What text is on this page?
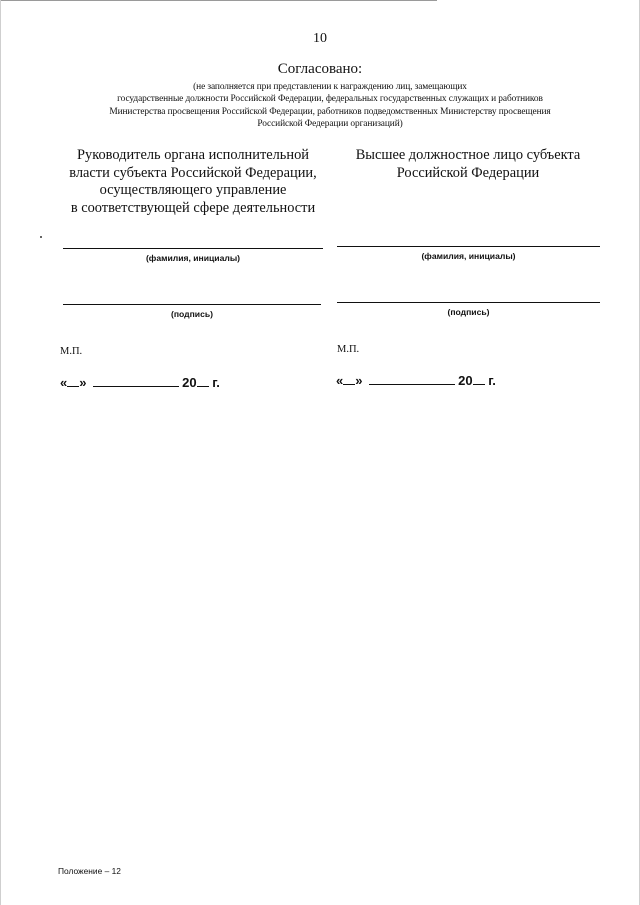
10
Согласовано:
(не заполняется при представлении к награждению лиц, замещающих
государственные должности Российской Федерации, федеральных государственных служащих и работников
Министерства просвещения Российской Федерации, работников подведомственных Министерству просвещения
Российской Федерации организаций)
Руководитель органа исполнительной
власти субъекта Российской Федерации,
осуществляющего управление
в соответствующей сфере деятельности
(фамилия, инициалы)
(подпись)
М.П.
« »	20 г.
Высшее должностное лицо субъекта
Российской Федерации
(фамилия, инициалы)
(подпись)
М.П.
« »	20 г.
Положение – 12
